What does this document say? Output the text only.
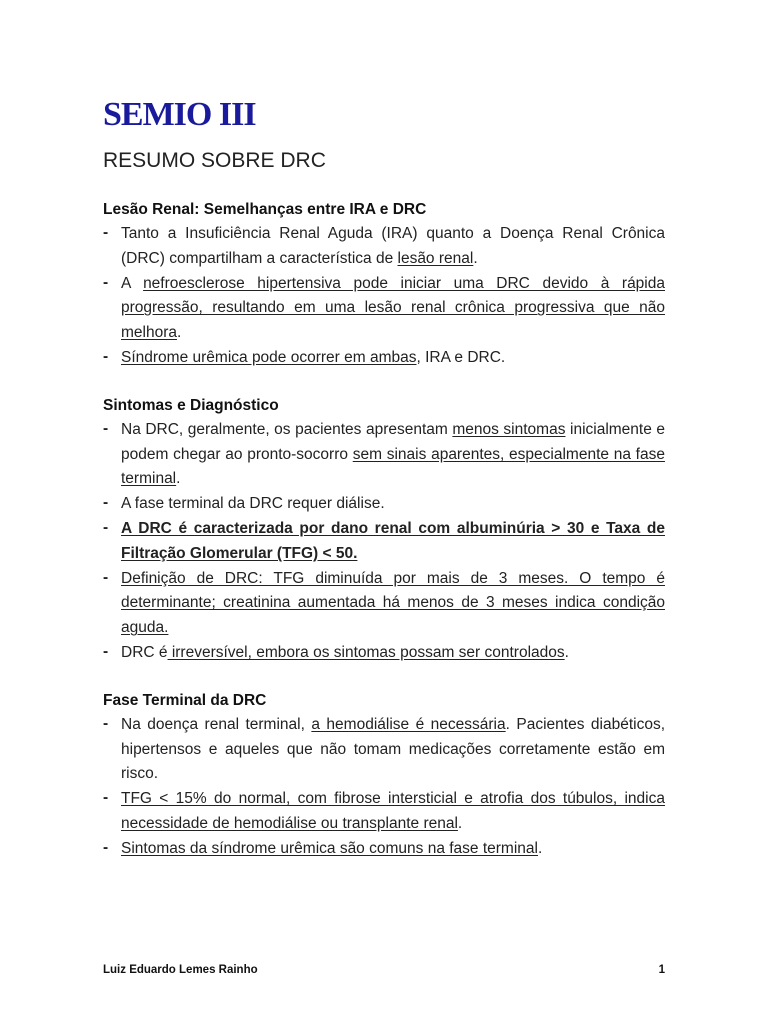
SEMIO III
RESUMO SOBRE DRC
Lesão Renal: Semelhanças entre IRA e DRC
- Tanto a Insuficiência Renal Aguda (IRA) quanto a Doença Renal Crônica (DRC) compartilham a característica de lesão renal.
- A nefroesclerose hipertensiva pode iniciar uma DRC devido à rápida progressão, resultando em uma lesão renal crônica progressiva que não melhora.
- Síndrome urêmica pode ocorrer em ambas, IRA e DRC.
Sintomas e Diagnóstico
- Na DRC, geralmente, os pacientes apresentam menos sintomas inicialmente e podem chegar ao pronto-socorro sem sinais aparentes, especialmente na fase terminal.
- A fase terminal da DRC requer diálise.
- A DRC é caracterizada por dano renal com albuminúria > 30 e Taxa de Filtração Glomerular (TFG) < 50.
- Definição de DRC: TFG diminuída por mais de 3 meses. O tempo é determinante; creatinina aumentada há menos de 3 meses indica condição aguda.
- DRC é irreversível, embora os sintomas possam ser controlados.
Fase Terminal da DRC
- Na doença renal terminal, a hemodiálise é necessária. Pacientes diabéticos, hipertensos e aqueles que não tomam medicações corretamente estão em risco.
- TFG < 15% do normal, com fibrose intersticial e atrofia dos túbulos, indica necessidade de hemodiálise ou transplante renal.
- Sintomas da síndrome urêmica são comuns na fase terminal.
Luiz Eduardo Lemes Rainho	1
